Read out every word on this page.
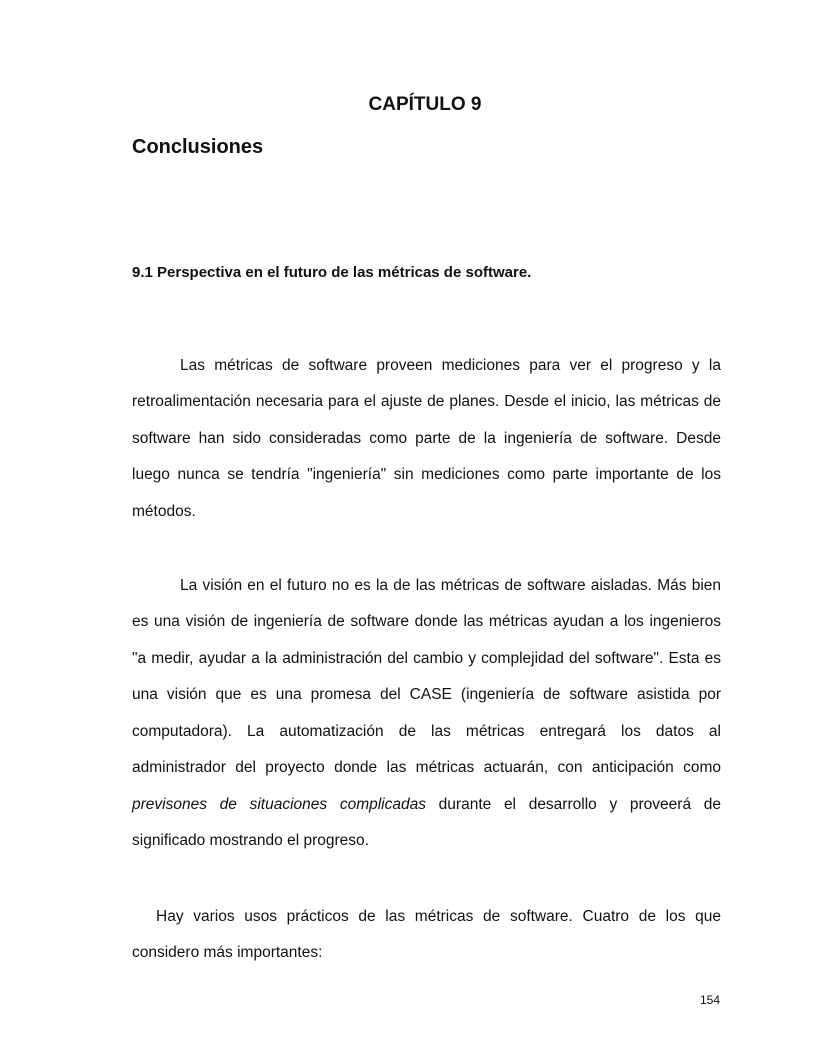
CAPÍTULO 9
Conclusiones
9.1 Perspectiva en el futuro de las métricas de software.

Las métricas de software proveen mediciones para ver el progreso y la retroalimentación necesaria para el ajuste de planes. Desde el inicio, las métricas de software han sido consideradas como parte de la ingeniería de software. Desde luego nunca se tendría "ingeniería" sin mediciones como parte importante de los métodos.

La visión en el futuro no es la de las métricas de software aisladas. Más bien es una visión de ingeniería de software donde las métricas ayudan a los ingenieros "a medir, ayudar a la administración del cambio y complejidad del software". Esta es una visión que es una promesa del CASE (ingeniería de software asistida por computadora). La automatización de las métricas entregará los datos al administrador del proyecto donde las métricas actuarán, con anticipación como previsones de situaciones complicadas durante el desarrollo y proveerá de significado mostrando el progreso.

Hay varios usos prácticos de las métricas de software. Cuatro de los que considero más importantes:

154
